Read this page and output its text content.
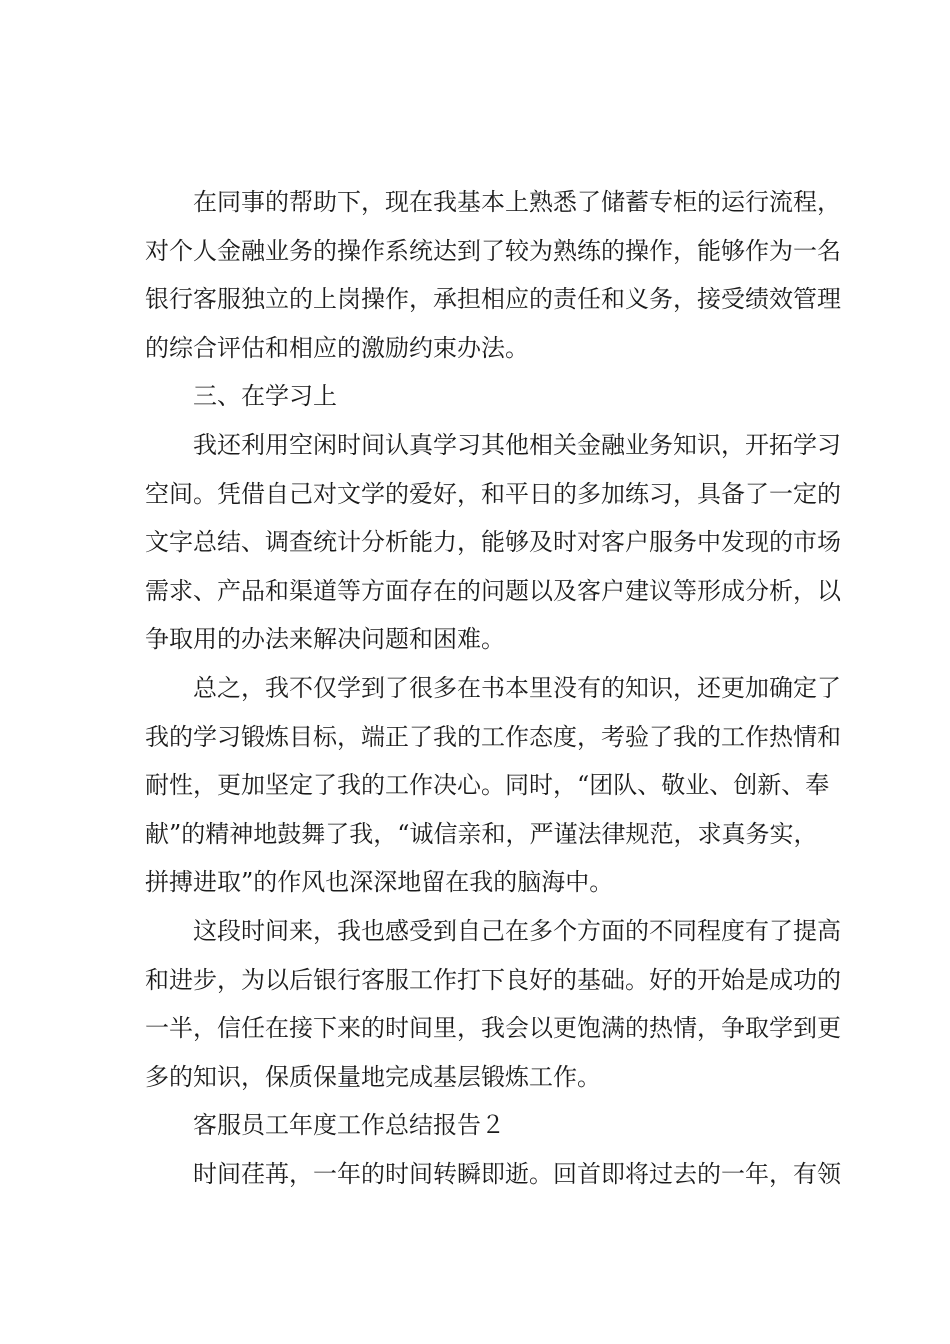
在同事的帮助下，现在我基本上熟悉了储蓄专柜的运行流程，
对个人金融业务的操作系统达到了较为熟练的操作，能够作为一名
银行客服独立的上岗操作，承担相应的责任和义务，接受绩效管理
的综合评估和相应的激励约束办法。
三、在学习上
我还利用空闲时间认真学习其他相关金融业务知识，开拓学习
空间。凭借自己对文学的爱好，和平日的多加练习，具备了一定的
文字总结、调查统计分析能力，能够及时对客户服务中发现的市场
需求、产品和渠道等方面存在的问题以及客户建议等形成分析，以
争取用的办法来解决问题和困难。
总之，我不仅学到了很多在书本里没有的知识，还更加确定了
我的学习锻炼目标，端正了我的工作态度，考验了我的工作热情和
耐性，更加坚定了我的工作决心。同时，“团队、敬业、创新、奉
献”的精神地鼓舞了我，“诚信亲和，严谨法律规范，求真务实，
拼搏进取”的作风也深深地留在我的脑海中。
这段时间来，我也感受到自己在多个方面的不同程度有了提高
和进步，为以后银行客服工作打下良好的基础。好的开始是成功的
一半，信任在接下来的时间里，我会以更饱满的热情，争取学到更
多的知识，保质保量地完成基层锻炼工作。
客服员工年度工作总结报告２
时间荏苒，一年的时间转瞬即逝。回首即将过去的一年，有领
